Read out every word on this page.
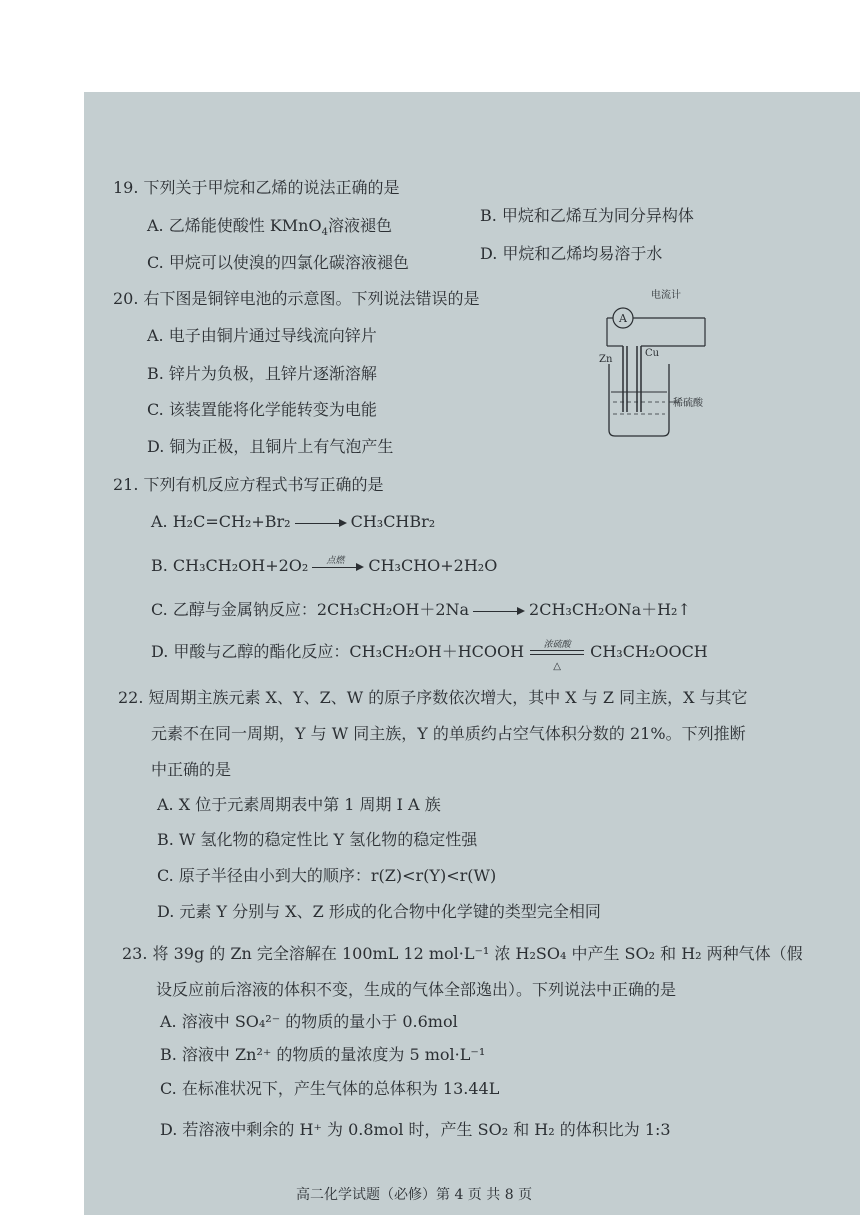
19. 下列关于甲烷和乙烯的说法正确的是
A. 乙烯能使酸性 KMnO$_4$溶液褪色
B. 甲烷和乙烯互为同分异构体
C. 甲烷可以使溴的四氯化碳溶液褪色	D. 甲烷和乙烯均易溶于水
20. 右下图是铜锌电池的示意图。下列说法错误的是
A. 电子由铜片通过导线流向锌片
B. 锌片为负极，且锌片逐渐溶解
C. 该装置能将化学能转变为电能
D. 铜为正极，且铜片上有气泡产生
电流计
A
Zn
Cu
稀硫酸
21. 下列有机反应方程式书写正确的是
A. H₂C=CH₂+Br₂	CH₃CHBr₂
B. CH₃CH₂OH+2O₂	点燃	CH₃CHO+2H₂O
C. 乙醇与金属钠反应：2CH₃CH₂OH＋2Na	2CH₃CH₂ONa＋H₂↑
D. 甲酸与乙醇的酯化反应：CH₃CH₂OH＋HCOOH	浓硫酸
△
CH₃CH₂OOCH
22. 短周期主族元素 X、Y、Z、W 的原子序数依次增大，其中 X 与 Z 同主族，X 与其它
元素不在同一周期，Y 与 W 同主族，Y 的单质约占空气体积分数的 21%。下列推断
中正确的是
A. X 位于元素周期表中第 1 周期 Ⅰ A 族
B. W 氢化物的稳定性比 Y 氢化物的稳定性强
C. 原子半径由小到大的顺序：r(Z)<r(Y)<r(W)
D. 元素 Y 分别与 X、Z 形成的化合物中化学键的类型完全相同
23. 将 39g 的 Zn 完全溶解在 100mL 12 mol·L⁻¹ 浓 H₂SO₄ 中产生 SO₂ 和 H₂ 两种气体（假
设反应前后溶液的体积不变，生成的气体全部逸出）。下列说法中正确的是
A. 溶液中 SO₄²⁻ 的物质的量小于 0.6mol
B. 溶液中 Zn²⁺ 的物质的量浓度为 5 mol·L⁻¹
C. 在标准状况下，产生气体的总体积为 13.44L
D. 若溶液中剩余的 H⁺ 为 0.8mol 时，产生 SO₂ 和 H₂ 的体积比为 1:3
高二化学试题（必修）第 4 页 共 8 页
